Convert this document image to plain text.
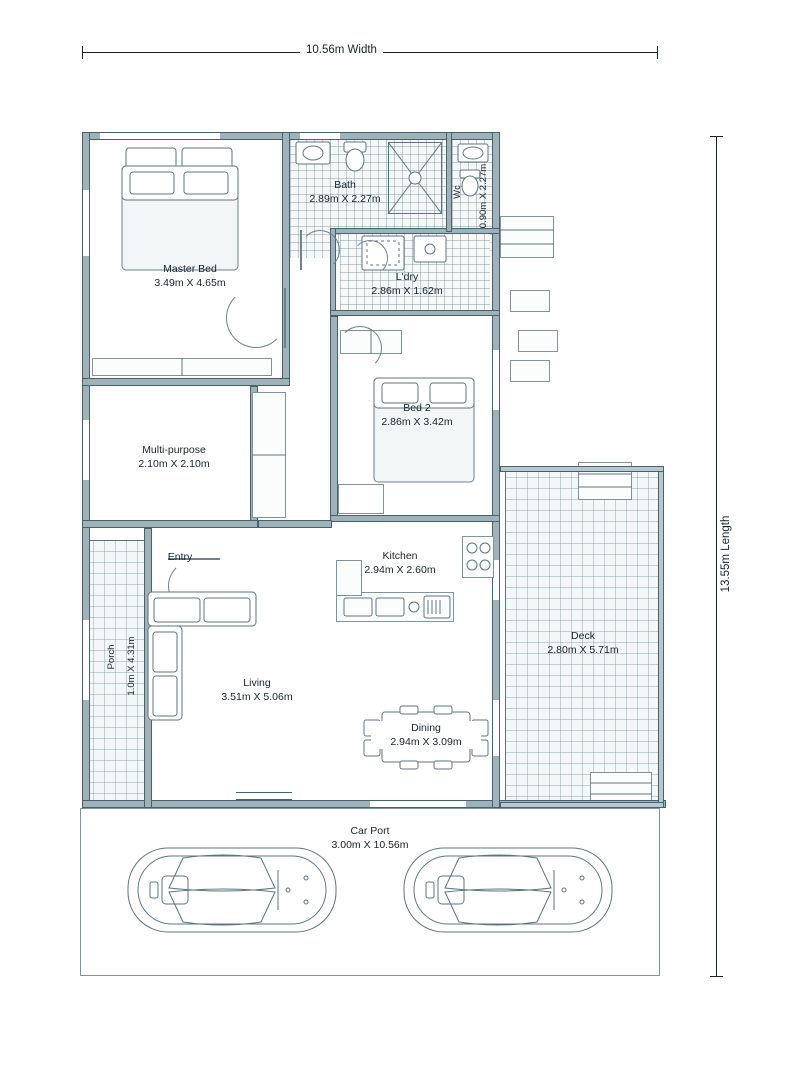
10.56m Width
13.55m Length
Master Bed
3.49m X 4.65m
Bath
2.89m X 2.27m
Wc 0.90m X 2.27m
L'dry
2.86m X 1.62m
Multi-purpose
2.10m X 2.10m
Bed 2
2.86m X 3.42m
Entry	Kitchen
2.94m X 2.60m
Porch 1.0m X 4.31m	Living
3.51m X 5.06m
Dining
2.94m X 3.09m
Deck
2.80m X 5.71m
Car Port
3.00m X 10.56m
